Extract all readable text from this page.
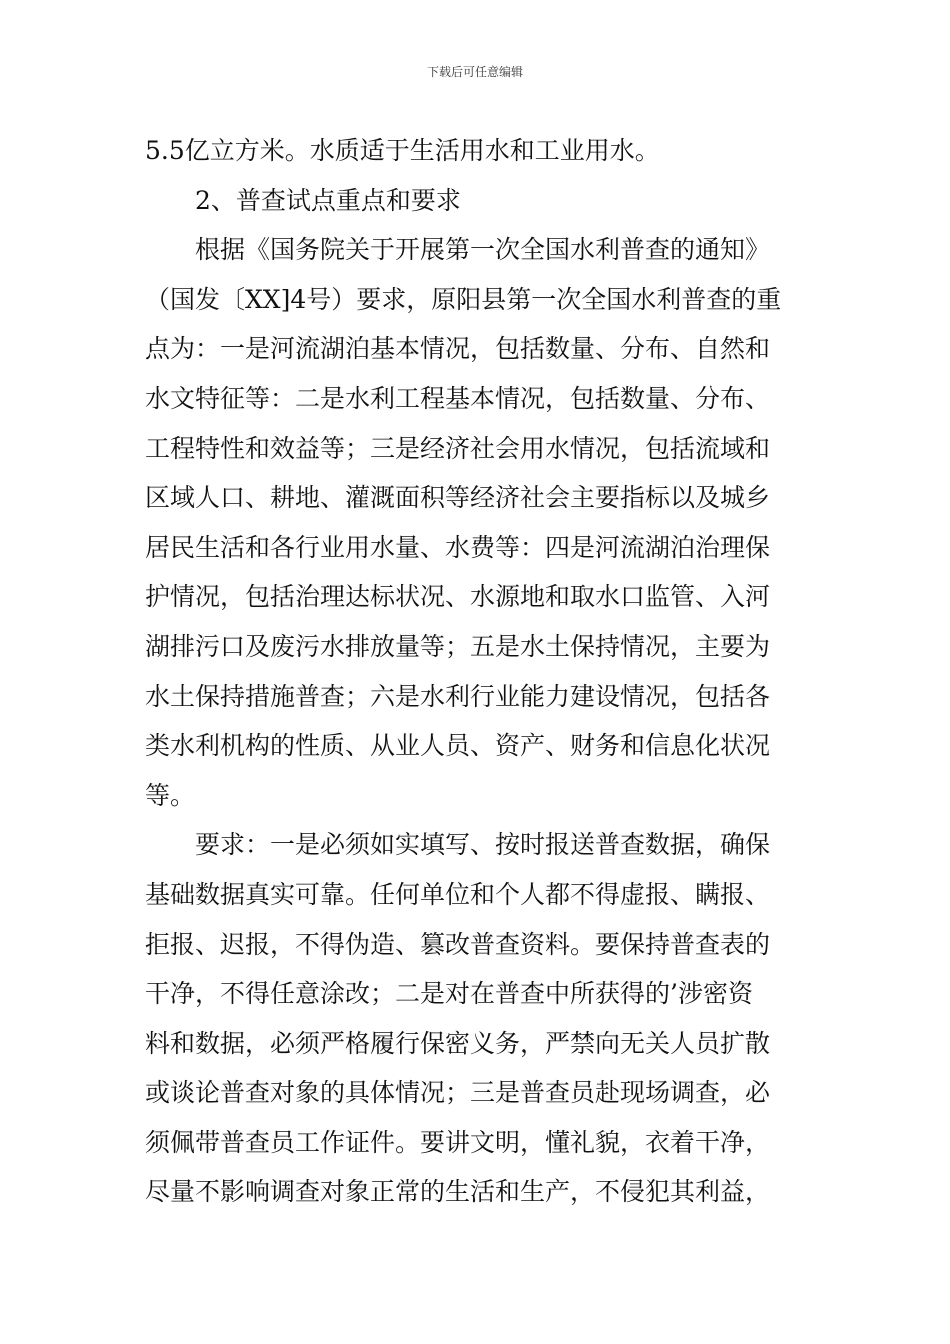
下载后可任意编辑
5.5亿立方米。水质适于生活用水和工业用水。
2、普查试点重点和要求
根据《国务院关于开展第一次全国水利普查的通知》
（国发〔XX]4号）要求，原阳县第一次全国水利普查的重
点为：一是河流湖泊基本情况，包括数量、分布、自然和
水文特征等：二是水利工程基本情况，包括数量、分布、
工程特性和效益等；三是经济社会用水情况，包括流域和
区域人口、耕地、灌溉面积等经济社会主要指标以及城乡
居民生活和各行业用水量、水费等：四是河流湖泊治理保
护情况，包括治理达标状况、水源地和取水口监管、入河
湖排污口及废污水排放量等；五是水土保持情况，主要为
水土保持措施普查；六是水利行业能力建设情况，包括各
类水利机构的性质、从业人员、资产、财务和信息化状况
等。
要求：一是必须如实填写、按时报送普查数据，确保
基础数据真实可靠。任何单位和个人都不得虚报、瞒报、
拒报、迟报，不得伪造、篡改普查资料。要保持普查表的
干净，不得任意涂改；二是对在普查中所获得的’涉密资
料和数据，必须严格履行保密义务，严禁向无关人员扩散
或谈论普查对象的具体情况；三是普查员赴现场调查，必
须佩带普查员工作证件。要讲文明，懂礼貌，衣着干净，
尽量不影响调查对象正常的生活和生产，不侵犯其利益，
